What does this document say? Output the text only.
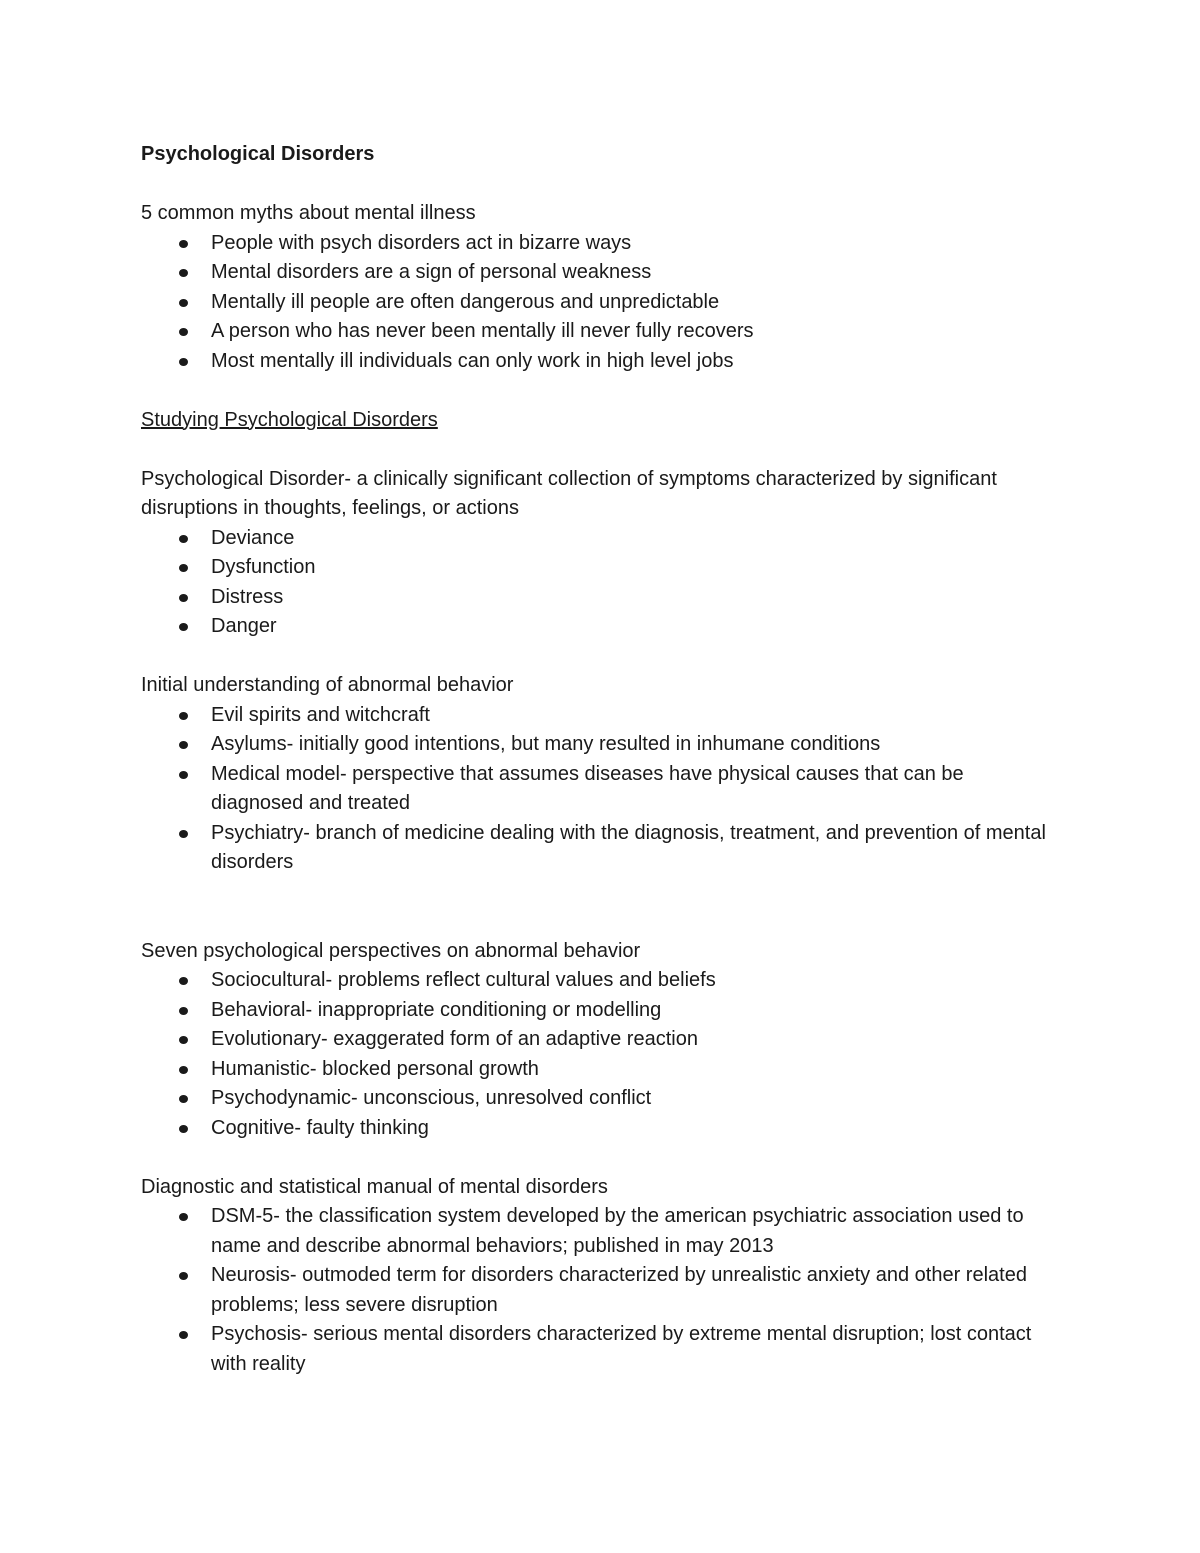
Psychological Disorders

5 common myths about mental illness

People with psych disorders act in bizarre ways
Mental disorders are a sign of personal weakness
Mentally ill people are often dangerous and unpredictable
A person who has never been mentally ill never fully recovers
Most mentally ill individuals can only work in high level jobs

Studying Psychological Disorders

Psychological Disorder- a clinically significant collection of symptoms characterized by significant disruptions in thoughts, feelings, or actions

Deviance
Dysfunction
Distress
Danger

Initial understanding of abnormal behavior

Evil spirits and witchcraft
Asylums- initially good intentions, but many resulted in inhumane conditions
Medical model- perspective that assumes diseases have physical causes that can be diagnosed and treated
Psychiatry- branch of medicine dealing with the diagnosis, treatment, and prevention of mental disorders

Seven psychological perspectives on abnormal behavior

Sociocultural- problems reflect cultural values and beliefs
Behavioral- inappropriate conditioning or modelling
Evolutionary- exaggerated form of an adaptive reaction
Humanistic- blocked personal growth
Psychodynamic- unconscious, unresolved conflict
Cognitive- faulty thinking

Diagnostic and statistical manual of mental disorders

DSM-5- the classification system developed by the american psychiatric association used to name and describe abnormal behaviors; published in may 2013
Neurosis- outmoded term for disorders characterized by unrealistic anxiety and other related problems; less severe disruption
Psychosis- serious mental disorders characterized by extreme mental disruption; lost contact with reality
